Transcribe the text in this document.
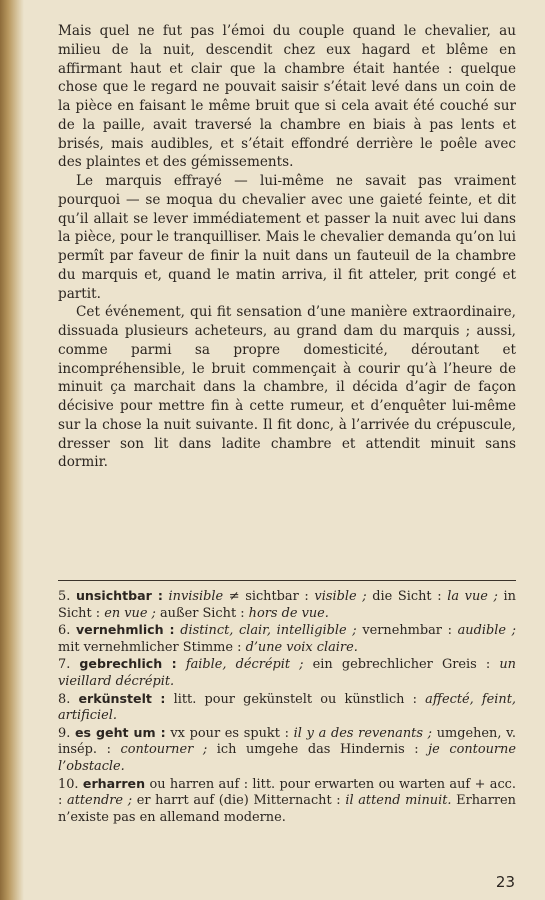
Mais quel ne fut pas l’émoi du couple quand le chevalier, au milieu de la nuit, descendit chez eux hagard et blême en affirmant haut et clair que la chambre était hantée : quelque chose que le regard ne pouvait saisir s’était levé dans un coin de la pièce en faisant le même bruit que si cela avait été couché sur de la paille, avait traversé la chambre en biais à pas lents et brisés, mais audibles, et s’était effondré derrière le poêle avec des plaintes et des gémissements.

Le marquis effrayé — lui-même ne savait pas vraiment pourquoi — se moqua du chevalier avec une gaieté feinte, et dit qu’il allait se lever immédiatement et passer la nuit avec lui dans la pièce, pour le tranquilliser. Mais le chevalier demanda qu’on lui permît par faveur de finir la nuit dans un fauteuil de la chambre du marquis et, quand le matin arriva, il fit atteler, prit congé et partit.

Cet événement, qui fit sensation d’une manière extraordinaire, dissuada plusieurs acheteurs, au grand dam du marquis ; aussi, comme parmi sa propre domesticité, déroutant et incompréhensible, le bruit commençait à courir qu’à l’heure de minuit ça marchait dans la chambre, il décida d’agir de façon décisive pour mettre fin à cette rumeur, et d’enquêter lui-même sur la chose la nuit suivante. Il fit donc, à l’arrivée du crépuscule, dresser son lit dans ladite chambre et attendit minuit sans dormir.

5. unsichtbar : invisible ≠ sichtbar : visible ; die Sicht : la vue ; in Sicht : en vue ; außer Sicht : hors de vue.

6. vernehmlich : distinct, clair, intelligible ; vernehmbar : audible ; mit vernehmlicher Stimme : d’une voix claire.

7. gebrechlich : faible, décrépit ; ein gebrechlicher Greis : un vieillard décrépit.

8. erkünstelt : litt. pour gekünstelt ou künstlich : affecté, feint, artificiel.

9. es geht um : vx pour es spukt : il y a des revenants ; umgehen, v. insép. : contourner ; ich umgehe das Hindernis : je contourne l’obstacle.

10. erharren ou harren auf : litt. pour erwarten ou warten auf + acc. : attendre ; er harrt auf (die) Mitternacht : il attend minuit. Erharren n’existe pas en allemand moderne.

23
